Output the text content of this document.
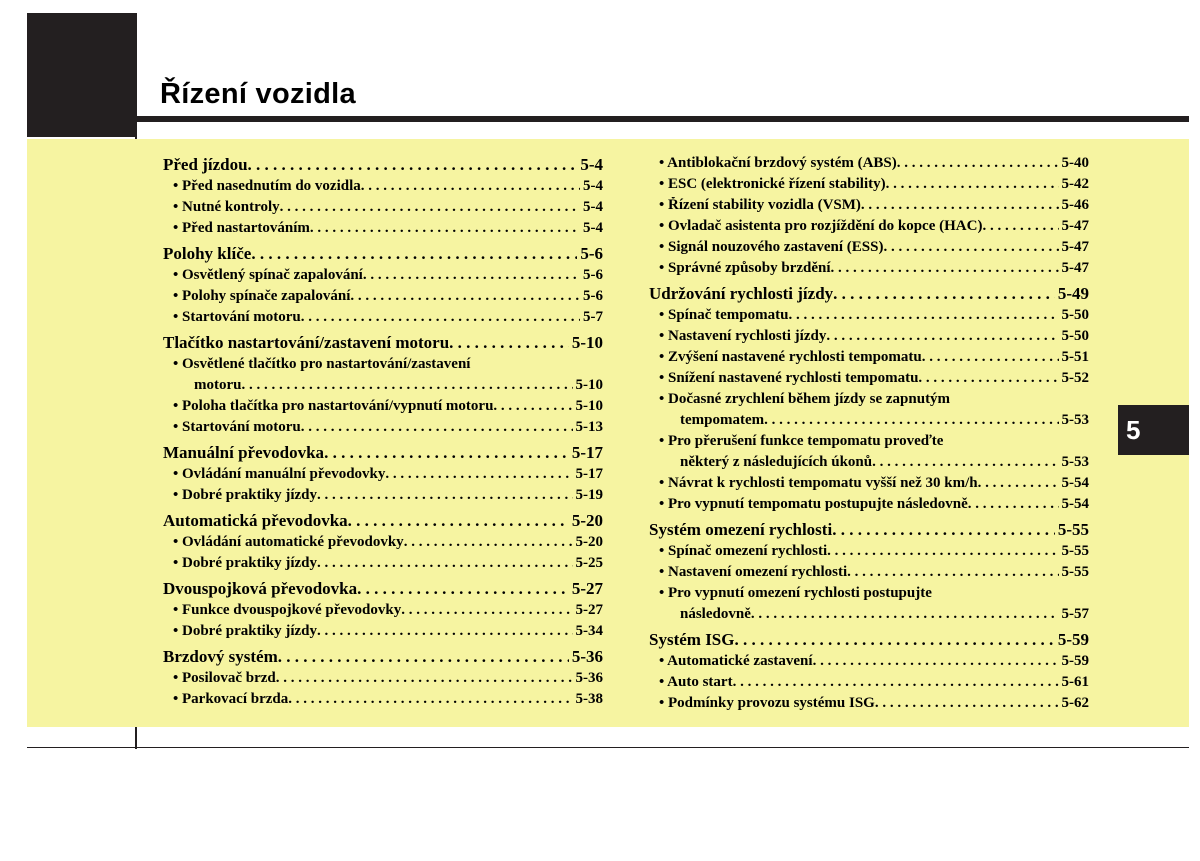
Řízení vozidla
5
Před jízdou . . .	5-4
• Před nasednutím do vozidla . . .	5-4
• Nutné kontroly . . .	5-4
• Před nastartováním . . .	5-4
Polohy klíče . . .	5-6
• Osvětlený spínač zapalování . . .	5-6
• Polohy spínače zapalování . . .	5-6
• Startování motoru . . .	5-7
Tlačítko nastartování/zastavení motoru . . .	5-10
• Osvětlené tlačítko pro nastartování/zastavení
motoru . . .	5-10
• Poloha tlačítka pro nastartování/vypnutí motoru . . .	5-10
• Startování motoru . . .	5-13
Manuální převodovka . . .	5-17
• Ovládání manuální převodovky . . .	5-17
• Dobré praktiky jízdy . . .	5-19
Automatická převodovka . . .	5-20
• Ovládání automatické převodovky . . .	5-20
• Dobré praktiky jízdy . . .	5-25
Dvouspojková převodovka . . .	5-27
• Funkce dvouspojkové převodovky . . .	5-27
• Dobré praktiky jízdy . . .	5-34
Brzdový systém . . .	5-36
• Posilovač brzd . . .	5-36
• Parkovací brzda . . .	5-38
• Antiblokační brzdový systém (ABS) . . .	5-40
• ESC (elektronické řízení stability) . . .	5-42
• Řízení stability vozidla (VSM) . . .	5-46
• Ovladač asistenta pro rozjíždění do kopce (HAC) . . .	5-47
• Signál nouzového zastavení (ESS) . . .	5-47
• Správné způsoby brzdění . . .	5-47
Udržování rychlosti jízdy . . .	5-49
• Spínač tempomatu . . .	5-50
• Nastavení rychlosti jízdy . . .	5-50
• Zvýšení nastavené rychlosti tempomatu . . .	5-51
• Snížení nastavené rychlosti tempomatu . . .	5-52
• Dočasné zrychlení během jízdy se zapnutým
tempomatem . . .	5-53
• Pro přerušení funkce tempomatu proveďte
některý z následujících úkonů . . .	5-53
• Návrat k rychlosti tempomatu vyšší než 30 km/h . . .	5-54
• Pro vypnutí tempomatu postupujte následovně . . .	5-54
Systém omezení rychlosti . . .	5-55
• Spínač omezení rychlosti . . .	5-55
• Nastavení omezení rychlosti . . .	5-55
• Pro vypnutí omezení rychlosti postupujte
následovně . . .	5-57
Systém ISG . . .	5-59
• Automatické zastavení . . .	5-59
• Auto start . . .	5-61
• Podmínky provozu systému ISG . . .	5-62
